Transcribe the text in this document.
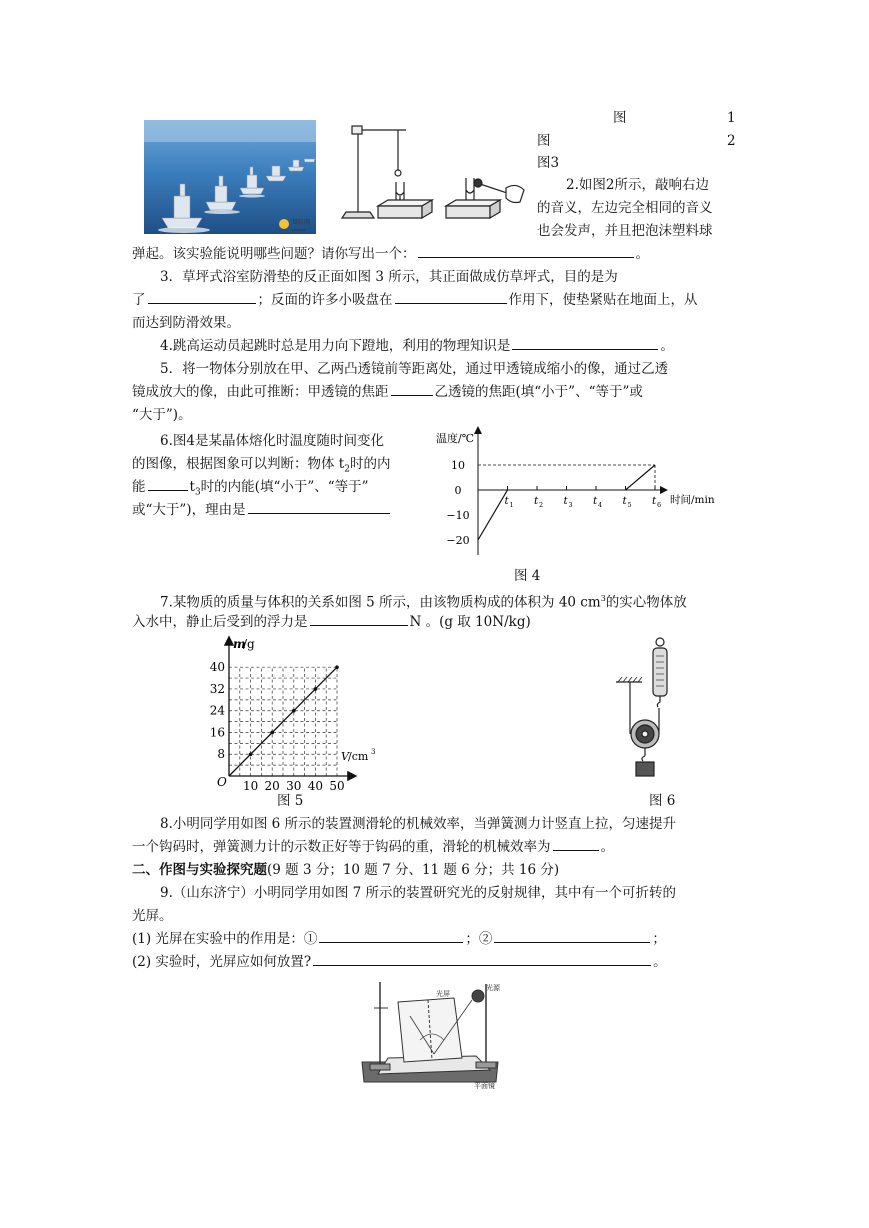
图	1
图	2
图3
冒险网
xxxxxx
2.如图2所示，敲响右边
的音义，左边完全相同的音义
也会发声，并且把泡沫塑料球
弹起。该实验能说明哪些问题？请你写出一个：	。
3．草坪式浴室防滑垫的反正面如图 3 所示，其正面做成仿草坪式，目的是为
了	；反面的许多小吸盘在	作用下，使垫紧贴在地面上，从
而达到防滑效果。
4.跳高运动员起跳时总是用力向下蹬地，利用的物理知识是	。
5．将一物体分别放在甲、乙两凸透镜前等距离处，通过甲透镜成缩小的像，通过乙透
镜成放大的像，由此可推断：甲透镜的焦距	乙透镜的焦距(填“小于”、“等于”或
“大于”)。
6.图4是某晶体熔化时温度随时间变化
的图像，根据图象可以判断：物体 $t_2$时的内
能	$t_3$时的内能(填“小于”、“等于”
或“大于”)，理由是
温度/℃
时间/min
10
0
−10
−20
t 1 t 2 t 3 t 4 t 5 t 6
图 4
7.某物质的质量与体积的关系如图 5 所示，由该物质构成的体积为 40 $cm^3$的实心物体放
入水中，静止后受到的浮力是	N 。(g 取 10N/kg)
m
/g
V /cm 3
O
40
32
24
16
8
10 20 30 40 50
图 5	图 6
8.小明同学用如图 6 所示的装置测滑轮的机械效率，当弹簧测力计竖直上拉，匀速提升
一个钩码时，弹簧测力计的示数正好等于钩码的重，滑轮的机械效率为	。
二、作图与实验探究题(9 题 3 分；10 题 7 分、11 题 6 分；共 16 分)
9.（山东济宁）小明同学用如图 7 所示的装置研究光的反射规律，其中有一个可折转的
光屏。
(1) 光屏在实验中的作用是：①	；②	；
(2) 实验时，光屏应如何放置?	。
光屏
光源
平面镜
